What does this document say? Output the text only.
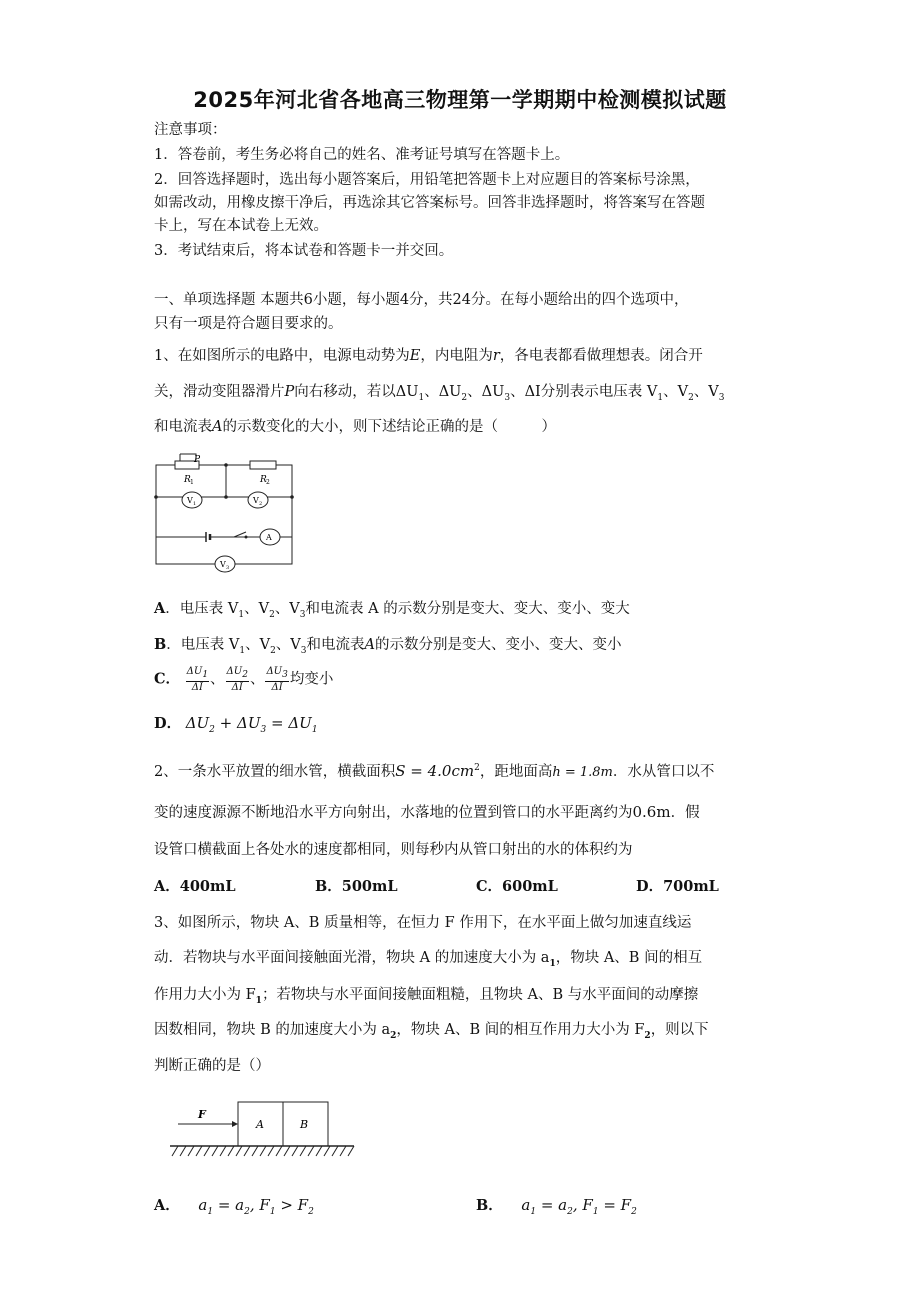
2025年河北省各地高三物理第一学期期中检测模拟试题
注意事项：
1．答卷前，考生务必将自己的姓名、准考证号填写在答题卡上。
2．回答选择题时，选出每小题答案后，用铅笔把答题卡上对应题目的答案标号涂黑，
如需改动，用橡皮擦干净后，再选涂其它答案标号。回答非选择题时，将答案写在答题
卡上，写在本试卷上无效。
3．考试结束后，将本试卷和答题卡一并交回。
一、单项选择题 本题共6小题，每小题4分，共24分。在每小题给出的四个选项中，
只有一项是符合题目要求的。
1、在如图所示的电路中，电源电动势为E，内电阻为r，各电表都看做理想表。闭合开
关，滑动变阻器滑片P向右移动，若以$\Delta U_1$、$\Delta U_2$、$\Delta U_3$、ΔI分别表示电压表 $V_1$、$V_2$、$V_3$
和电流表A的示数变化的大小，则下述结论正确的是（　　　）
P
R 1	R 2
V 1	V 2
A
V 3
A．电压表 $V_1$、$V_2$、$V_3$和电流表 A 的示数分别是变大、变大、变小、变大
B．电压表 $V_1$、$V_2$、$V_3$和电流表A的示数分别是变大、变小、变大、变小
C． $\frac{\Delta U_1}{\Delta I}$ 、 $\frac{\Delta U_2}{\Delta I}$ 、 $\frac{\Delta U_3}{\Delta I}$ 均变小
D． $\Delta U_2 + \Delta U_3 = \Delta U_1$
2、一条水平放置的细水管，横截面积$S = 4.0cm^2$，距地面高h = 1.8m．水从管口以不
变的速度源源不断地沿水平方向射出，水落地的位置到管口的水平距离约为0.6m．假
设管口横截面上各处水的速度都相同，则每秒内从管口射出的水的体积约为
A．400mL	B．500mL	C．600mL	D．700mL
3、如图所示，物块 A、B 质量相等，在恒力 F 作用下，在水平面上做匀加速直线运
动．若物块与水平面间接触面光滑，物块 A 的加速度大小为 $a_1$，物块 A、B 间的相互
作用力大小为 $F_1$；若物块与水平面间接触面粗糙，且物块 A、B 与水平面间的动摩擦
因数相同，物块 B 的加速度大小为 $a_2$，物块 A、B 间的相互作用力大小为 $F_2$，则以下
判断正确的是（）
F
A	B
A． $a_1 = a_2$, $F_1 > F_2$	B． $a_1 = a_2$, $F_1 = F_2$
